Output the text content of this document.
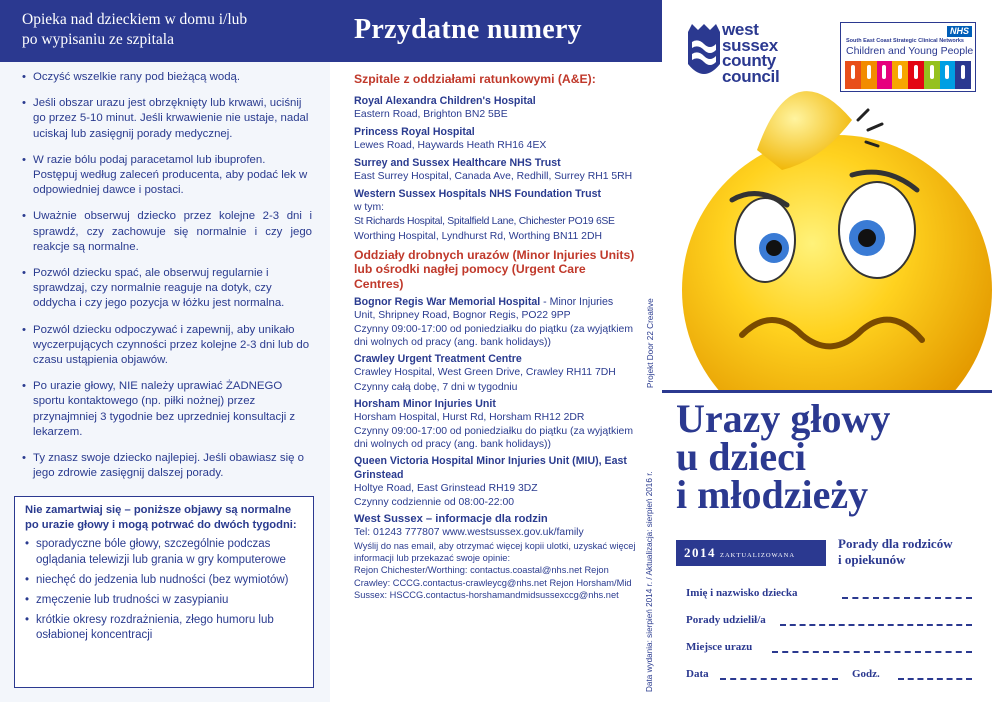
Opieka nad dzieckiem w domu i/lub
po wypisaniu ze szpitala
• Oczyść wszelkie rany pod bieżącą wodą.
• Jeśli obszar urazu jest obrzęknięty lub krwawi, uciśnij go przez 5-10 minut. Jeśli krwawienie nie ustaje, nadal uciskaj lub zasięgnij porady medycznej.
• W razie bólu podaj paracetamol lub ibuprofen. Postępuj według zaleceń producenta, aby podać lek w odpowiedniej dawce i postaci.
• Uważnie obserwuj dziecko przez kolejne 2-3 dni i sprawdź, czy zachowuje się normalnie i czy jego reakcje są normalne.
• Pozwól dziecku spać, ale obserwuj regularnie i sprawdzaj, czy normalnie reaguje na dotyk, czy oddycha i czy jego pozycja w łóżku jest normalna.
• Pozwól dziecku odpoczywać i zapewnij, aby unikało wyczerpujących czynności przez kolejne 2-3 dni lub do czasu ustąpienia objawów.
• Po urazie głowy, NIE należy uprawiać ŻADNEGO sportu kontaktowego (np. piłki nożnej) przez przynajmniej 3 tygodnie bez uprzedniej konsultacji z lekarzem.
• Ty znasz swoje dziecko najlepiej. Jeśli obawiasz się o jego zdrowie zasięgnij dalszej porady.
Nie zamartwiaj się – poniższe objawy są normalne po urazie głowy i mogą potrwać do dwóch tygodni:
• sporadyczne bóle głowy, szczególnie podczas oglądania telewizji lub grania w gry komputerowe
• niechęć do jedzenia lub nudności (bez wymiotów)
• zmęczenie lub trudności w zasypianiu
• krótkie okresy rozdrażnienia, złego humoru lub osłabionej koncentracji
Przydatne numery
Szpitale z oddziałami ratunkowymi (A&E):
Royal Alexandra Children's Hospital
Eastern Road, Brighton BN2 5BE
Princess Royal Hospital
Lewes Road, Haywards Heath RH16 4EX
Surrey and Sussex Healthcare NHS Trust
East Surrey Hospital, Canada Ave, Redhill, Surrey RH1 5RH
Western Sussex Hospitals NHS Foundation Trust
w tym:
St Richards Hospital, Spitalfield Lane, Chichester PO19 6SE
Worthing Hospital, Lyndhurst Rd, Worthing BN11 2DH
Oddziały drobnych urazów (Minor Injuries Units) lub ośrodki nagłej pomocy (Urgent Care Centres)
Bognor Regis War Memorial Hospital - Minor Injuries
Unit, Shripney Road, Bognor Regis, PO22 9PP
Czynny 09:00-17:00 od poniedziałku do piątku (za wyjątkiem dni wolnych od pracy (ang. bank holidays))
Crawley Urgent Treatment Centre
Crawley Hospital, West Green Drive, Crawley RH11 7DH
Czynny całą dobę, 7 dni w tygodniu
Horsham Minor Injuries Unit
Horsham Hospital, Hurst Rd, Horsham RH12 2DR
Czynny 09:00-17:00 od poniedziałku do piątku (za wyjątkiem dni wolnych od pracy (ang. bank holidays))
Queen Victoria Hospital Minor Injuries Unit (MIU), East Grinstead
Holtye Road, East Grinstead RH19 3DZ
Czynny codziennie od 08:00-22:00
West Sussex – informacje dla rodzin
Tel: 01243 777807 www.westsussex.gov.uk/family
Wyślij do nas email, aby otrzymać więcej kopii ulotki, uzyskać więcej informacji lub przekazać swoje opinie:
Rejon Chichester/Worthing: contactus.coastal@nhs.net Rejon Crawley: CCCG.contactus-crawleycg@nhs.net Rejon Horsham/Mid Sussex: HSCCG.contactus-horshamandmidsussexccg@nhs.net	Data wydania: sierpień 2014 r. / Aktualizacja: sierpień 2016 r.
Projekt Door 22 Creative
west
sussex
county
council
NHS
South East Coast Strategic Clinical Networks
Children and Young People
Urazy głowy
u dzieci
i młodzieży
2014 ZAKTUALIZOWANA
Porady dla rodziców
i opiekunów
Imię i nazwisko dziecka
Porady udzielił/a
Miejsce urazu
Data	Godz.
